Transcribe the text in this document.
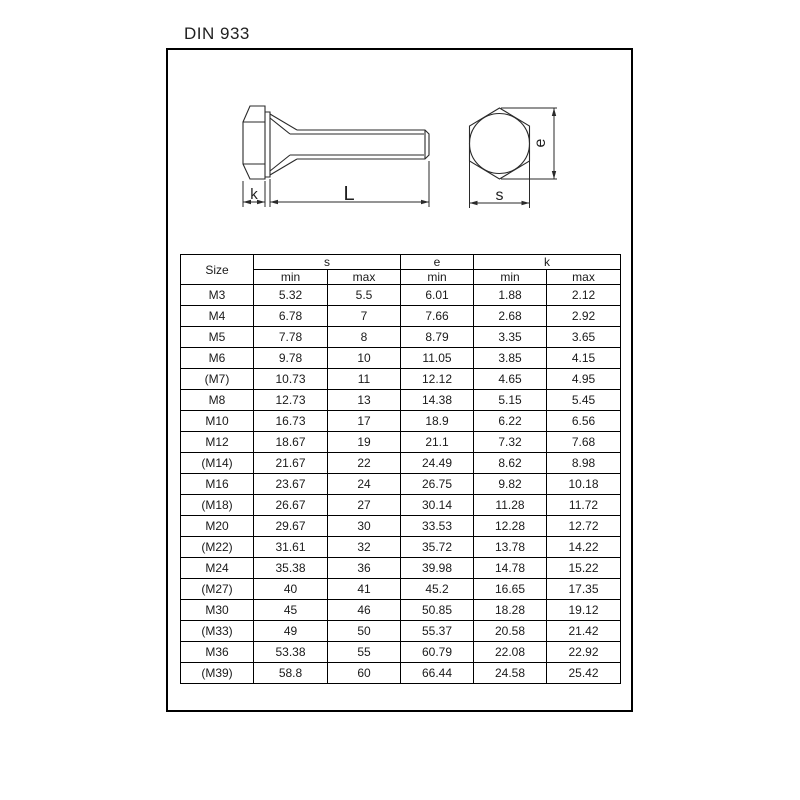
DIN 933
k	L
e
s
Size	s		e	k	
	min	max	min	min	max
M3	5.32	5.5	6.01	1.88	2.12
M4	6.78	7	7.66	2.68	2.92
M5	7.78	8	8.79	3.35	3.65
M6	9.78	10	11.05	3.85	4.15
(M7)	10.73	11	12.12	4.65	4.95
M8	12.73	13	14.38	5.15	5.45
M10	16.73	17	18.9	6.22	6.56
M12	18.67	19	21.1	7.32	7.68
(M14)	21.67	22	24.49	8.62	8.98
M16	23.67	24	26.75	9.82	10.18
(M18)	26.67	27	30.14	11.28	11.72
M20	29.67	30	33.53	12.28	12.72
(M22)	31.61	32	35.72	13.78	14.22
M24	35.38	36	39.98	14.78	15.22
(M27)	40	41	45.2	16.65	17.35
M30	45	46	50.85	18.28	19.12
(M33)	49	50	55.37	20.58	21.42
M36	53.38	55	60.79	22.08	22.92
(M39)	58.8	60	66.44	24.58	25.42
